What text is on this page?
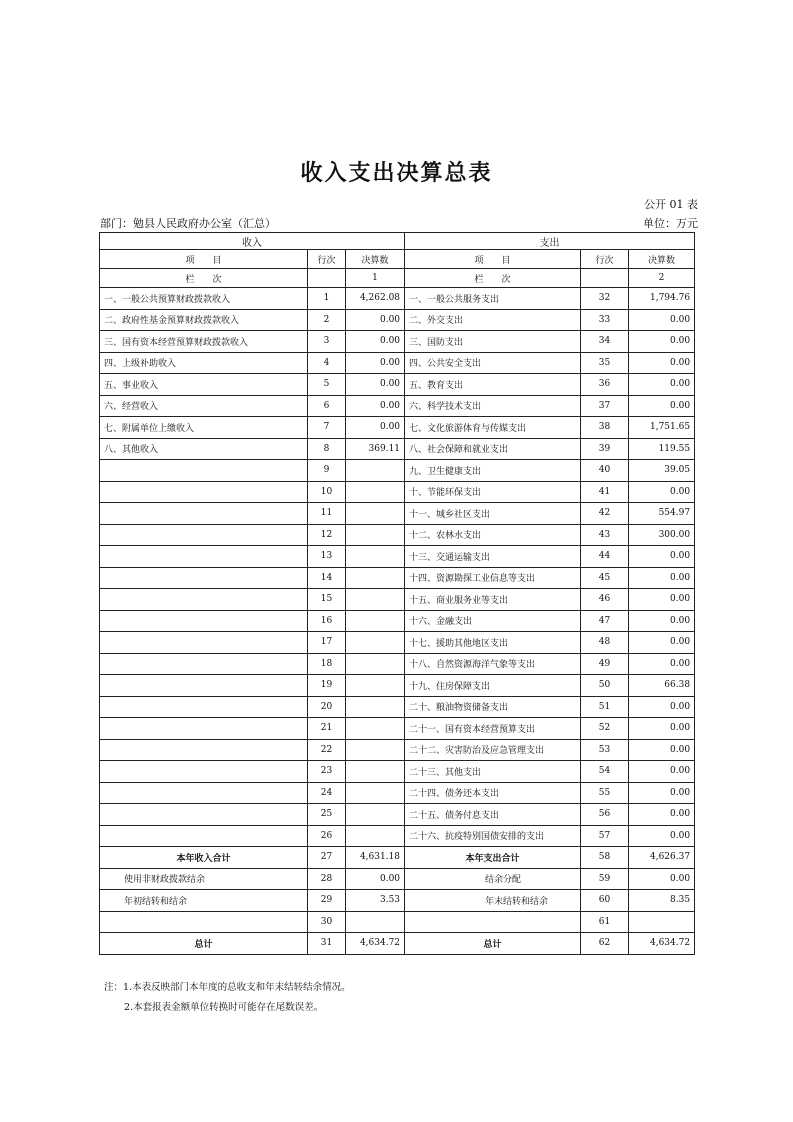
收入支出决算总表
公开 01 表
部门：勉县人民政府办公室（汇总）	单位：万元
收入			支出		
项　　目	行次	决算数	项　　目	行次	决算数
栏　　次		1	栏　　次		2
一、一般公共预算财政拨款收入	1	4,262.08	一、一般公共服务支出	32	1,794.76
二、政府性基金预算财政拨款收入	2	0.00	二、外交支出	33	0.00
三、国有资本经营预算财政拨款收入	3	0.00	三、国防支出	34	0.00
四、上级补助收入	4	0.00	四、公共安全支出	35	0.00
五、事业收入	5	0.00	五、教育支出	36	0.00
六、经营收入	6	0.00	六、科学技术支出	37	0.00
七、附属单位上缴收入	7	0.00	七、文化旅游体育与传媒支出	38	1,751.65
八、其他收入	8	369.11	八、社会保障和就业支出	39	119.55
	9		九、卫生健康支出	40	39.05
	10		十、节能环保支出	41	0.00
	11		十一、城乡社区支出	42	554.97
	12		十二、农林水支出	43	300.00
	13		十三、交通运输支出	44	0.00
	14		十四、资源勘探工业信息等支出	45	0.00
	15		十五、商业服务业等支出	46	0.00
	16		十六、金融支出	47	0.00
	17		十七、援助其他地区支出	48	0.00
	18		十八、自然资源海洋气象等支出	49	0.00
	19		十九、住房保障支出	50	66.38
	20		二十、粮油物资储备支出	51	0.00
	21		二十一、国有资本经营预算支出	52	0.00
	22		二十二、灾害防治及应急管理支出	53	0.00
	23		二十三、其他支出	54	0.00
	24		二十四、债务还本支出	55	0.00
	25		二十五、债务付息支出	56	0.00
	26		二十六、抗疫特别国债安排的支出	57	0.00
本年收入合计	27	4,631.18	本年支出合计	58	4,626.37
使用非财政拨款结余	28	0.00	结余分配	59	0.00
年初结转和结余	29	3.53	年末结转和结余	60	8.35
	30			61	
总计	31	4,634.72	总计	62	4,634.72
注：1.本表反映部门本年度的总收支和年末结转结余情况。
2.本套报表金额单位转换时可能存在尾数误差。
